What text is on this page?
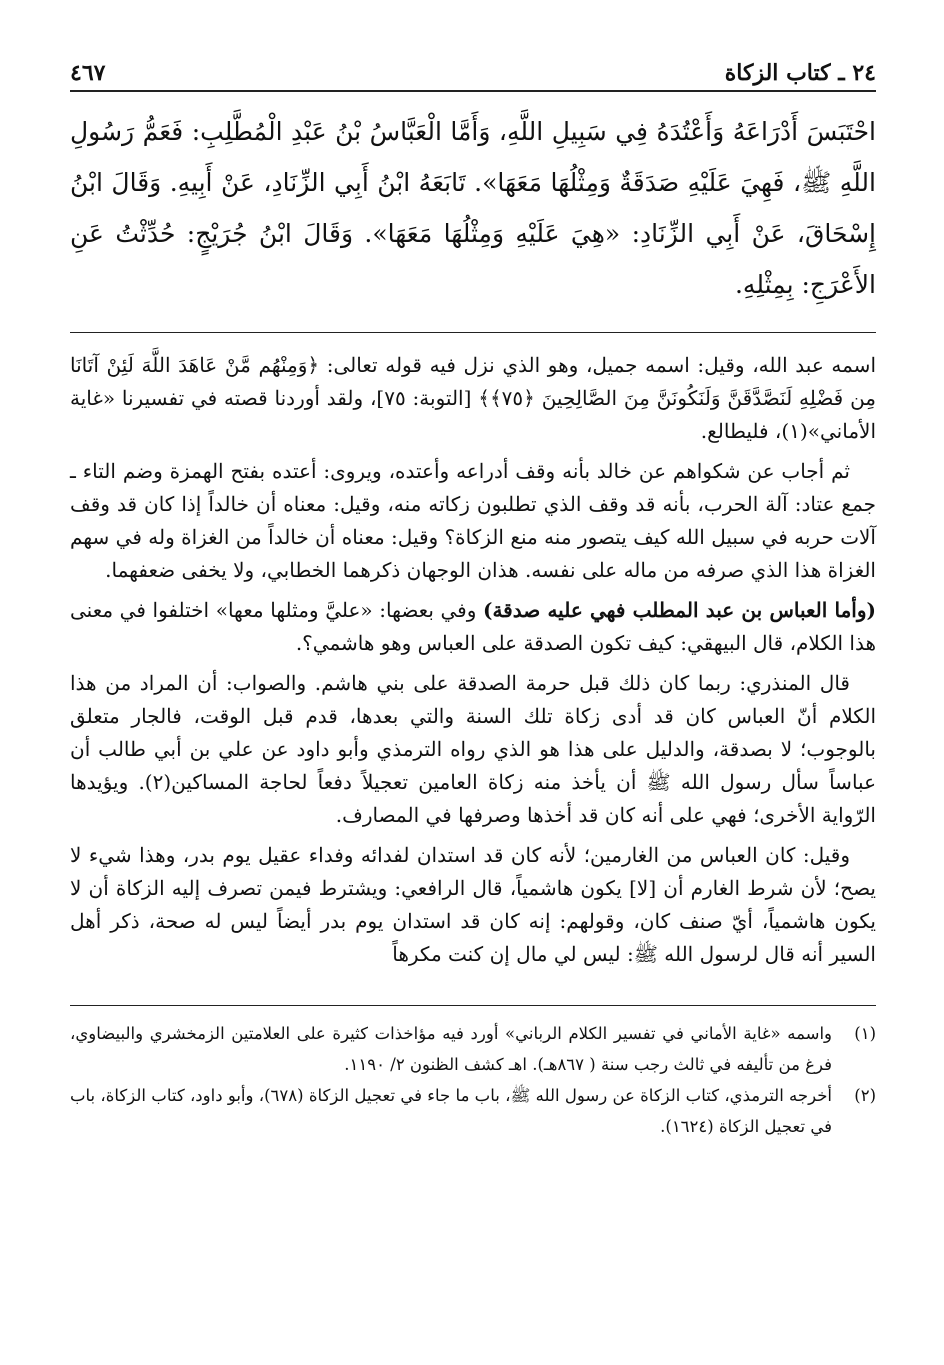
٢٤ ـ كتاب الزكاة
٤٦٧
احْتَبَسَ أَدْرَاعَهُ وَأَعْتُدَهُ فِي سَبِيلِ اللَّهِ، وَأَمَّا الْعَبَّاسُ بْنُ عَبْدِ الْمُطَّلِبِ: فَعَمُّ رَسُولِ اللَّهِ ﷺ، فَهِيَ عَلَيْهِ صَدَقَةٌ وَمِثْلُهَا مَعَهَا». تَابَعَهُ ابْنُ أَبِي الزِّنَادِ، عَنْ أَبِيهِ. وَقَالَ ابْنُ إِسْحَاقَ، عَنْ أَبِي الزِّنَادِ: «هِيَ عَلَيْهِ وَمِثْلُهَا مَعَهَا». وَقَالَ ابْنُ جُرَيْجٍ: حُدِّثْتُ عَنِ الأَعْرَجِ: بِمِثْلِهِ.

اسمه عبد الله، وقيل: اسمه جميل، وهو الذي نزل فيه قوله تعالى: ﴿وَمِنْهُم مَّنْ عَاهَدَ اللَّهَ لَئِنْ آتَانَا مِن فَضْلِهِ لَنَصَّدَّقَنَّ وَلَنَكُونَنَّ مِنَ الصَّالِحِينَ ﴿٧٥﴾﴾ [التوبة: ٧٥]، ولقد أوردنا قصته في تفسيرنا «غاية الأماني»(١)، فليطالع.

ثم أجاب عن شكواهم عن خالد بأنه وقف أدراعه وأعتده، ويروى: أعتده بفتح الهمزة وضم التاء ـ جمع عتاد: آلة الحرب، بأنه قد وقف الذي تطلبون زكاته منه، وقيل: معناه أن خالداً إذا كان قد وقف آلات حربه في سبيل الله كيف يتصور منه منع الزكاة؟ وقيل: معناه أن خالداً من الغزاة وله في سهم الغزاة هذا الذي صرفه من ماله على نفسه. هذان الوجهان ذكرهما الخطابي، ولا يخفى ضعفهما.

(وأما العباس بن عبد المطلب فهي عليه صدقة) وفي بعضها: «عليَّ ومثلها معها» اختلفوا في معنى هذا الكلام، قال البيهقي: كيف تكون الصدقة على العباس وهو هاشمي؟.

قال المنذري: ربما كان ذلك قبل حرمة الصدقة على بني هاشم. والصواب: أن المراد من هذا الكلام أنّ العباس كان قد أدى زكاة تلك السنة والتي بعدها، قدم قبل الوقت، فالجار متعلق بالوجوب؛ لا بصدقة، والدليل على هذا هو الذي رواه الترمذي وأبو داود عن علي بن أبي طالب أن عباساً سأل رسول الله ﷺ أن يأخذ منه زكاة العامين تعجيلاً دفعاً لحاجة المساكين(٢). ويؤيدها الرّواية الأخرى؛ فهي على أنه كان قد أخذها وصرفها في المصارف.

وقيل: كان العباس من الغارمين؛ لأنه كان قد استدان لفدائه وفداء عقيل يوم بدر، وهذا شيء لا يصح؛ لأن شرط الغارم أن [لا] يكون هاشمياً، قال الرافعي: ويشترط فيمن تصرف إليه الزكاة أن لا يكون هاشمياً، أيّ صنف كان، وقولهم: إنه كان قد استدان يوم بدر أيضاً ليس له صحة، ذكر أهل السير أنه قال لرسول الله ﷺ: ليس لي مال إن كنت مكرهاً

(١)
واسمه «غاية الأماني في تفسير الكلام الرباني» أورد فيه مؤاخذات كثيرة على العلامتين الزمخشري والبيضاوي، فرغ من تأليفه في ثالث رجب سنة ( ٨٦٧هـ). اهـ كشف الظنون ٢/ ١١٩٠.
(٢)
أخرجه الترمذي، كتاب الزكاة عن رسول الله ﷺ، باب ما جاء في تعجيل الزكاة (٦٧٨)، وأبو داود، كتاب الزكاة، باب في تعجيل الزكاة (١٦٢٤).
